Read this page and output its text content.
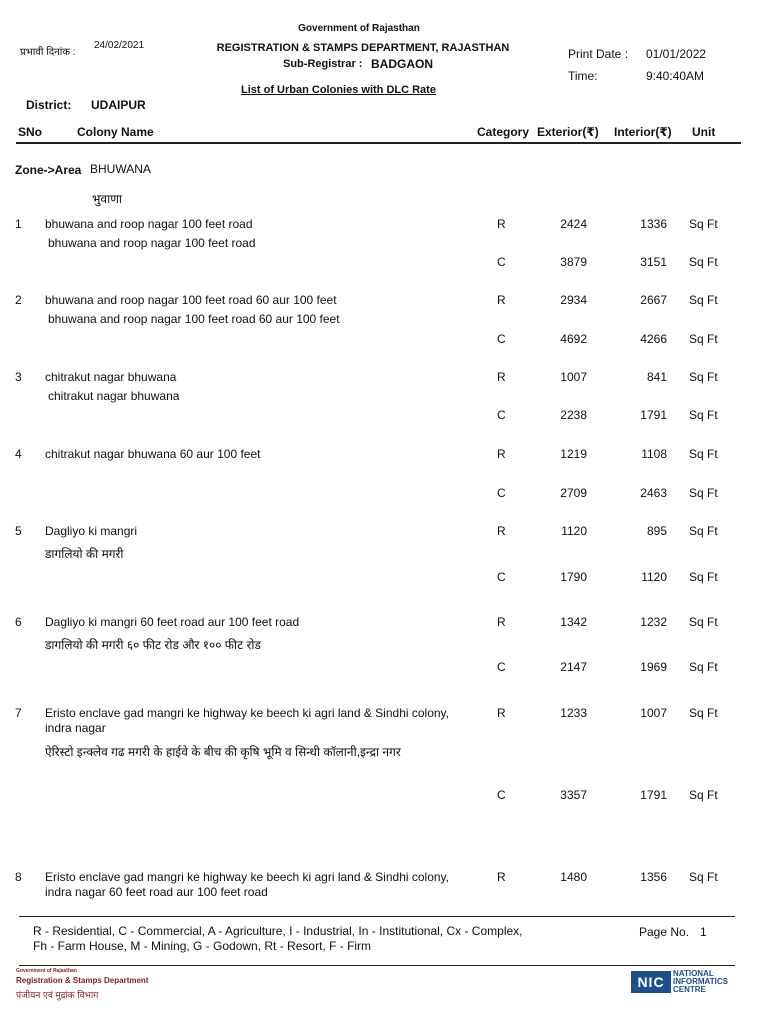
Government of Rajasthan
REGISTRATION & STAMPS DEPARTMENT, RAJASTHAN
Sub-Registrar : BADGAON
List of Urban Colonies with DLC Rate
प्रभावी दिनांक :
24/02/2021
Print Date : 01/01/2022
Time:	9:40:40AM
District: UDAIPUR
SNo	Colony Name	Category Exterior(₹) Interior(₹) Unit
Zone->Area BHUWANA
भुवाणा
1 bhuwana and roop nagar 100 feet road
bhuwana and roop nagar 100 feet road
R	2424	1336 Sq Ft
C	3879	3151 Sq Ft
2 bhuwana and roop nagar 100 feet road 60 aur 100 feet
bhuwana and roop nagar 100 feet road 60 aur 100 feet
R	2934	2667 Sq Ft
C	4692	4266 Sq Ft
3 chitrakut nagar bhuwana
chitrakut nagar bhuwana
R	1007	841 Sq Ft
C	2238	1791 Sq Ft
4 chitrakut nagar bhuwana 60 aur 100 feet	R	1219	1108 Sq Ft
C	2709	2463 Sq Ft
5 Dagliyo ki mangri
डागलियो की मगरी
R	1120	895 Sq Ft
C	1790	1120 Sq Ft
6 Dagliyo ki mangri 60 feet road aur 100 feet road
डागलियो की मगरी ६० फीट रोड और १०० फीट रोड
R	1342	1232 Sq Ft
C	2147	1969 Sq Ft
7 Eristo enclave gad mangri ke highway ke beech ki agri land & Sindhi colony, indra nagar
ऐरिस्टो इन्क्लेव गढ मगरी के हाईवे के बीच की कृषि भूमि व सिन्धी कॉलानी,इन्द्रा नगर
R	1233	1007 Sq Ft
C	3357	1791 Sq Ft
8 Eristo enclave gad mangri ke highway ke beech ki agri land & Sindhi colony, indra nagar 60 feet road aur 100 feet road
R	1480	1356 Sq Ft
R - Residential, C - Commercial, A - Agriculture, I - Industrial, In - Institutional, Cx - Complex,
Fh - Farm House, M - Mining, G - Godown, Rt - Resort, F - Firm
Page No. 1
Government of Rajasthan
Registration & Stamps Department
पंजीयन एवं मुद्रांक विभाग
NIC
NATIONAL
INFORMATICS
CENTRE
